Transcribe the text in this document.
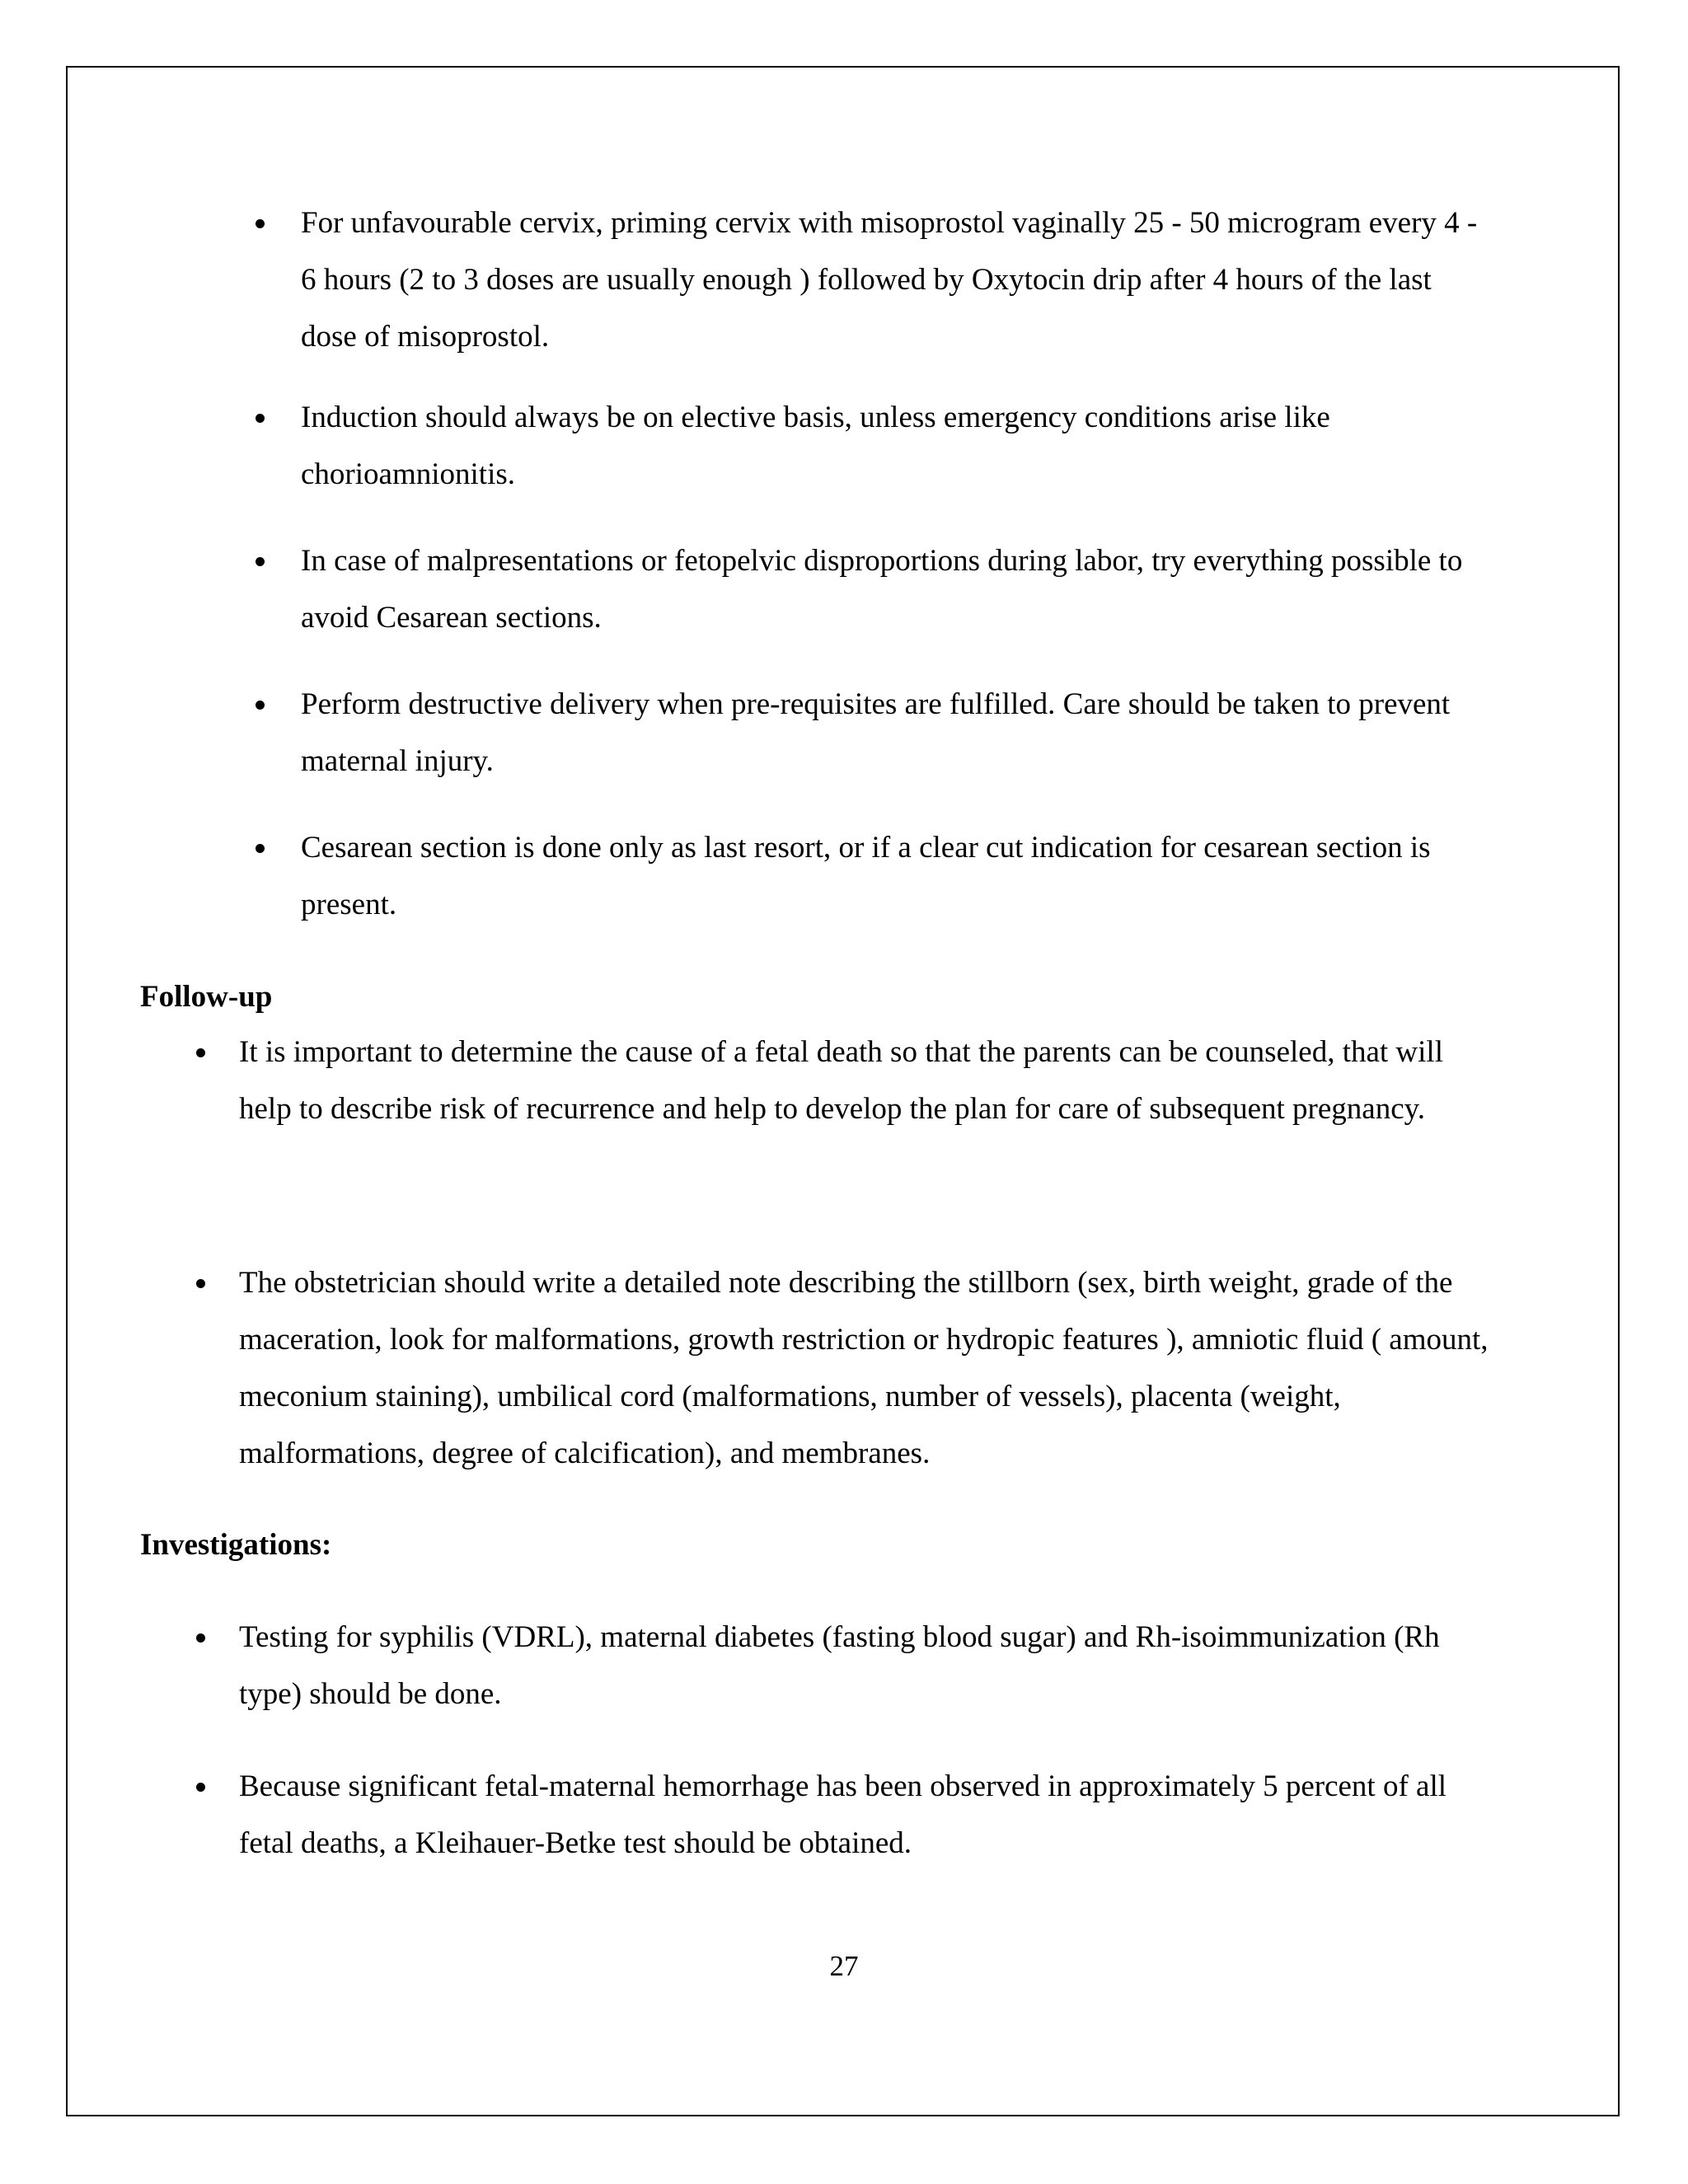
For unfavourable cervix, priming cervix with misoprostol vaginally 25 - 50 microgram every 4 - 6 hours (2 to 3 doses are usually enough ) followed by Oxytocin drip after 4 hours of the last dose of misoprostol.
Induction should always be on elective basis, unless emergency conditions arise like chorioamnionitis.
In case of malpresentations or fetopelvic disproportions during labor, try everything possible to avoid Cesarean sections.
Perform destructive delivery when pre-requisites are fulfilled. Care should be taken to prevent maternal injury.
Cesarean section is done only as last resort, or if a clear cut indication for cesarean section is present.
Follow-up
It is important to determine the cause of a fetal death so that the parents can be counseled, that will help to describe risk of recurrence and help to develop the plan for care of subsequent pregnancy.
The obstetrician should write a detailed note describing the stillborn (sex, birth weight, grade of the maceration, look for malformations, growth restriction or hydropic features ), amniotic fluid ( amount, meconium staining), umbilical cord (malformations, number of vessels), placenta (weight, malformations, degree of calcification), and membranes.
Investigations:
Testing for syphilis (VDRL), maternal diabetes (fasting blood sugar) and Rh-isoimmunization (Rh type) should be done.
Because significant fetal-maternal hemorrhage has been observed in approximately 5 percent of all fetal deaths, a Kleihauer-Betke test should be obtained.

27
